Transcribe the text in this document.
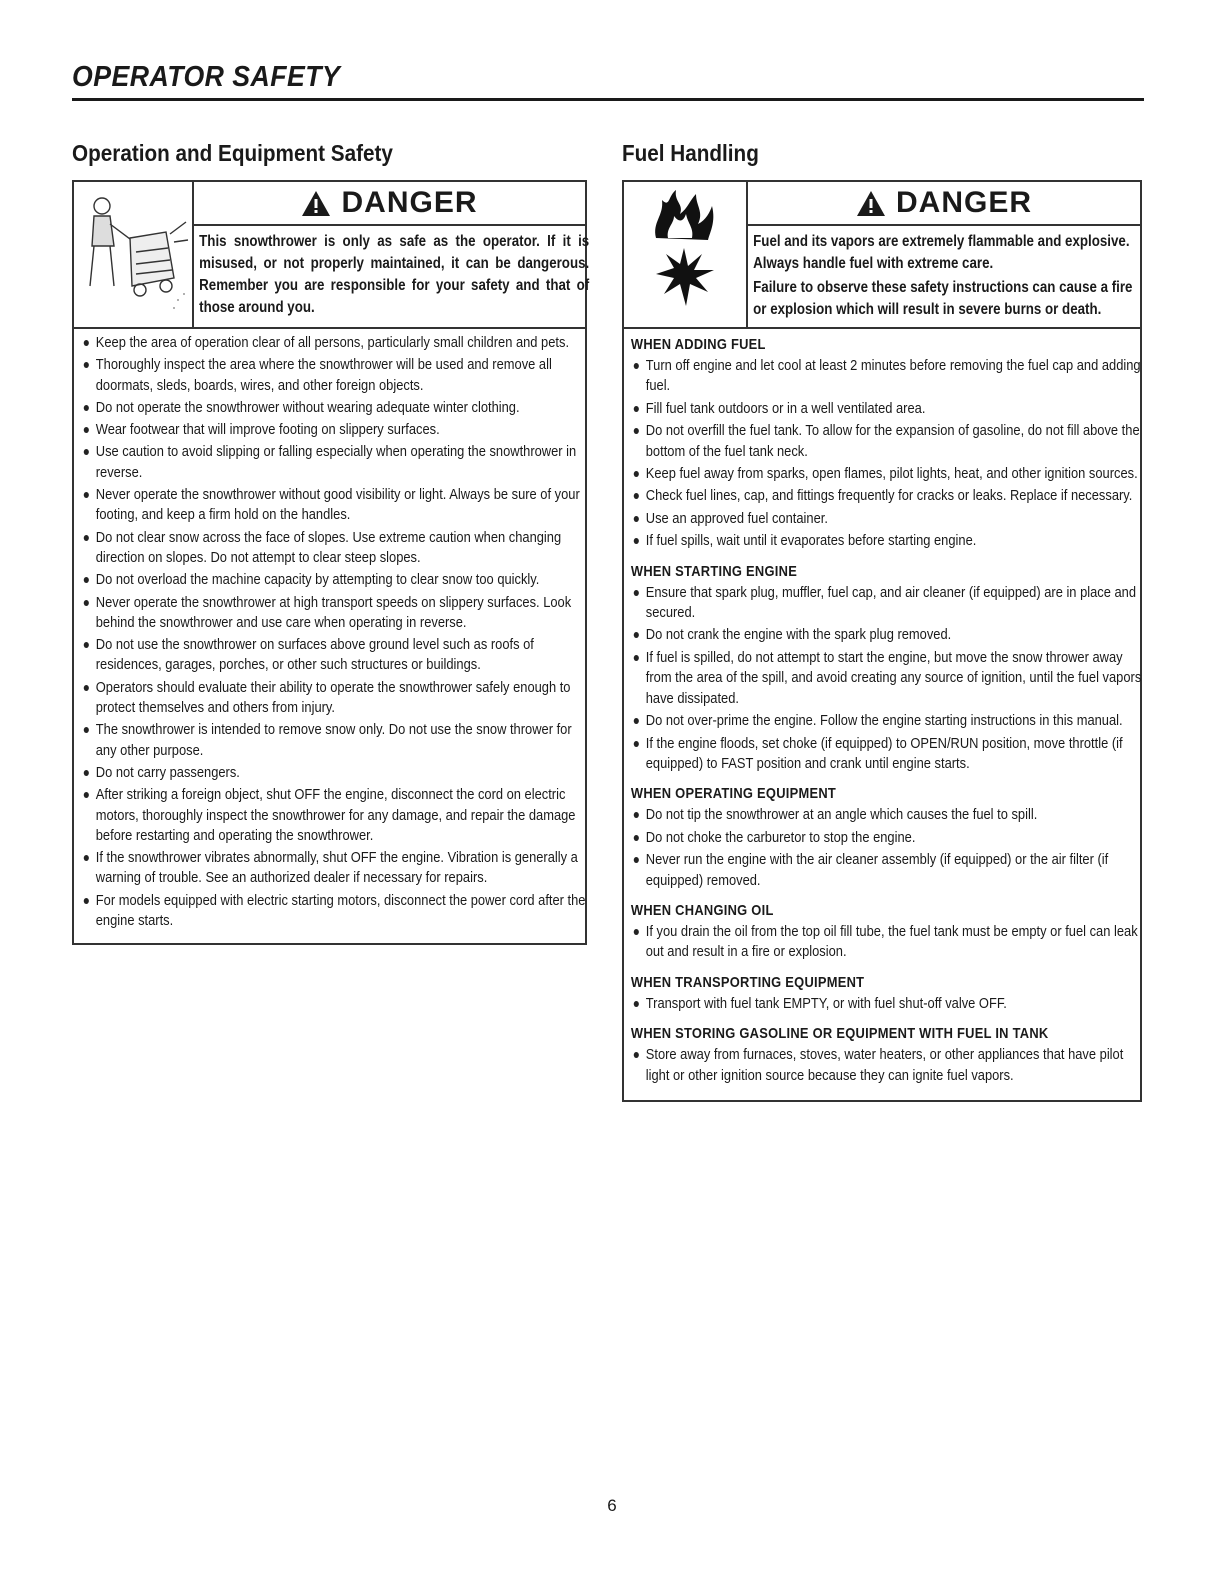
OPERATOR SAFETY
Operation and Equipment Safety
DANGER

This snowthrower is only as safe as the operator. If it is misused, or not properly maintained, it can be dangerous. Remember you are responsible for your safety and that of those around you.

Keep the area of operation clear of all persons, particularly small children and pets.
Thoroughly inspect the area where the snowthrower will be used and remove all doormats, sleds, boards, wires, and other foreign objects.
Do not operate the snowthrower without wearing adequate winter clothing.
Wear footwear that will improve footing on slippery surfaces.
Use caution to avoid slipping or falling especially when operating the snowthrower in reverse.
Never operate the snowthrower without good visibility or light. Always be sure of your footing, and keep a firm hold on the handles.
Do not clear snow across the face of slopes. Use extreme caution when changing direction on slopes. Do not attempt to clear steep slopes.
Do not overload the machine capacity by attempting to clear snow too quickly.
Never operate the snowthrower at high transport speeds on slippery surfaces. Look behind the snowthrower and use care when operating in reverse.
Do not use the snowthrower on surfaces above ground level such as roofs of residences, garages, porches, or other such structures or buildings.
Operators should evaluate their ability to operate the snowthrower safely enough to protect themselves and others from injury.
The snowthrower is intended to remove snow only. Do not use the snow thrower for any other purpose.
Do not carry passengers.
After striking a foreign object, shut OFF the engine, disconnect the cord on electric motors, thoroughly inspect the snowthrower for any damage, and repair the damage before restarting and operating the snowthrower.
If the snowthrower vibrates abnormally, shut OFF the engine. Vibration is generally a warning of trouble. See an authorized dealer if necessary for repairs.
For models equipped with electric starting motors, disconnect the power cord after the engine starts.
Fuel Handling
DANGER

Fuel and its vapors are extremely flammable and explosive. Always handle fuel with extreme care.

Failure to observe these safety instructions can cause a fire or explosion which will result in severe burns or death.

WHEN ADDING FUEL
Turn off engine and let cool at least 2 minutes before removing the fuel cap and adding fuel.
Fill fuel tank outdoors or in a well ventilated area.
Do not overfill the fuel tank. To allow for the expansion of gasoline, do not fill above the bottom of the fuel tank neck.
Keep fuel away from sparks, open flames, pilot lights, heat, and other ignition sources.
Check fuel lines, cap, and fittings frequently for cracks or leaks. Replace if necessary.
Use an approved fuel container.
If fuel spills, wait until it evaporates before starting engine.
WHEN STARTING ENGINE
Ensure that spark plug, muffler, fuel cap, and air cleaner (if equipped) are in place and secured.
Do not crank the engine with the spark plug removed.
If fuel is spilled, do not attempt to start the engine, but move the snow thrower away from the area of the spill, and avoid creating any source of ignition, until the fuel vapors have dissipated.
Do not over-prime the engine. Follow the engine starting instructions in this manual.
If the engine floods, set choke (if equipped) to OPEN/RUN position, move throttle (if equipped) to FAST position and crank until engine starts.
WHEN OPERATING EQUIPMENT
Do not tip the snowthrower at an angle which causes the fuel to spill.
Do not choke the carburetor to stop the engine.
Never run the engine with the air cleaner assembly (if equipped) or the air filter (if equipped) removed.
WHEN CHANGING OIL
If you drain the oil from the top oil fill tube, the fuel tank must be empty or fuel can leak out and result in a fire or explosion.
WHEN TRANSPORTING EQUIPMENT
Transport with fuel tank EMPTY, or with fuel shut-off valve OFF.
WHEN STORING GASOLINE OR EQUIPMENT WITH FUEL IN TANK
Store away from furnaces, stoves, water heaters, or other appliances that have pilot light or other ignition source because they can ignite fuel vapors.
6
